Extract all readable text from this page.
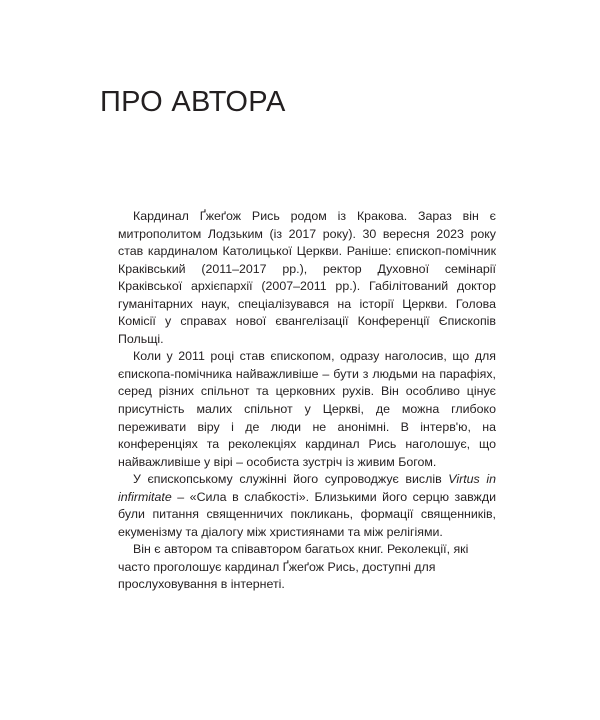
ПРО АВТОРА

Кардинал Ґжеґож Рись родом із Кракова. Зараз він є митрополитом Лодзьким (із 2017 року). 30 вересня 2023 року став кардиналом Католицької Церкви. Раніше: єпископ-помічник Краківський (2011–2017 рр.), ректор Духовної семінарії Краківської архієпархії (2007–2011 рр.). Габілітований доктор гуманітарних наук, спеціалізувався на історії Церкви. Голова Комісії у справах нової євангелізації Конференції Єпископів Польщі.

Коли у 2011 році став єпископом, одразу наголосив, що для єпископа-помічника найважливіше – бути з людьми на парафіях, серед різних спільнот та церковних рухів. Він особливо цінує присутність малих спільнот у Церкві, де можна глибоко переживати віру і де люди не анонімні. В інтерв'ю, на конференціях та реколекціях кардинал Рись наголошує, що найважливіше у вірі – особиста зустріч із живим Богом.

У єпископському служінні його супроводжує вислів Virtus in infirmitate – «Сила в слабкості». Близькими його серцю завжди були питання священничих покликань, формації священників, екуменізму та діалогу між християнами та між релігіями.

Він є автором та співавтором багатьох книг. Реколекції, які часто проголошує кардинал Ґжеґож Рись, доступні для прослуховування в інтернеті.
